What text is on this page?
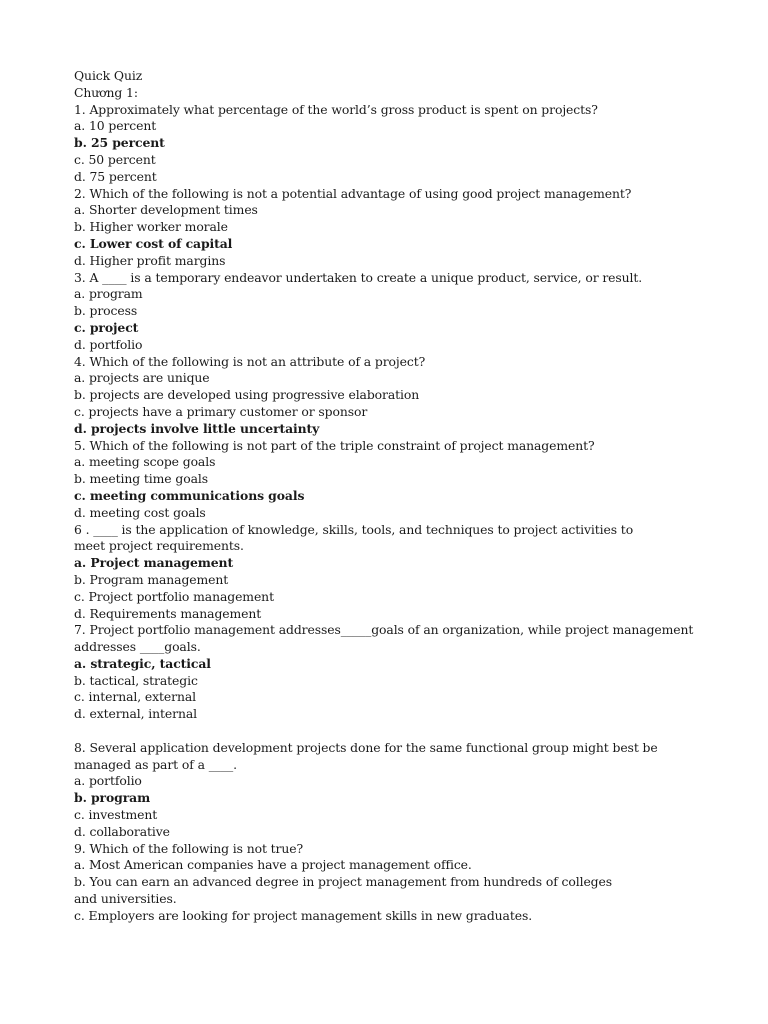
Quick Quiz
Chương 1:
1. Approximately what percentage of the world’s gross product is spent on projects?
a. 10 percent
b. 25 percent
c. 50 percent
d. 75 percent
2. Which of the following is not a potential advantage of using good project management?
a. Shorter development times
b. Higher worker morale
c. Lower cost of capital
d. Higher profit margins
3. A ____ is a temporary endeavor undertaken to create a unique product, service, or result.
a. program
b. process
c. project
d. portfolio
4. Which of the following is not an attribute of a project?
a. projects are unique
b. projects are developed using progressive elaboration
c. projects have a primary customer or sponsor
d. projects involve little uncertainty
5. Which of the following is not part of the triple constraint of project management?
a. meeting scope goals
b. meeting time goals
c. meeting communications goals
d. meeting cost goals
6 . ____ is the application of knowledge, skills, tools, and techniques to project activities to
meet project requirements.
a. Project management
b. Program management
c. Project portfolio management
d. Requirements management
7. Project portfolio management addresses_____goals of an organization, while project management
addresses ____goals.
a. strategic, tactical
b. tactical, strategic
c. internal, external
d. external, internal
8. Several application development projects done for the same functional group might best be
managed as part of a ____.
a. portfolio
b. program
c. investment
d. collaborative
9. Which of the following is not true?
a. Most American companies have a project management office.
b. You can earn an advanced degree in project management from hundreds of colleges
and universities.
c. Employers are looking for project management skills in new graduates.
